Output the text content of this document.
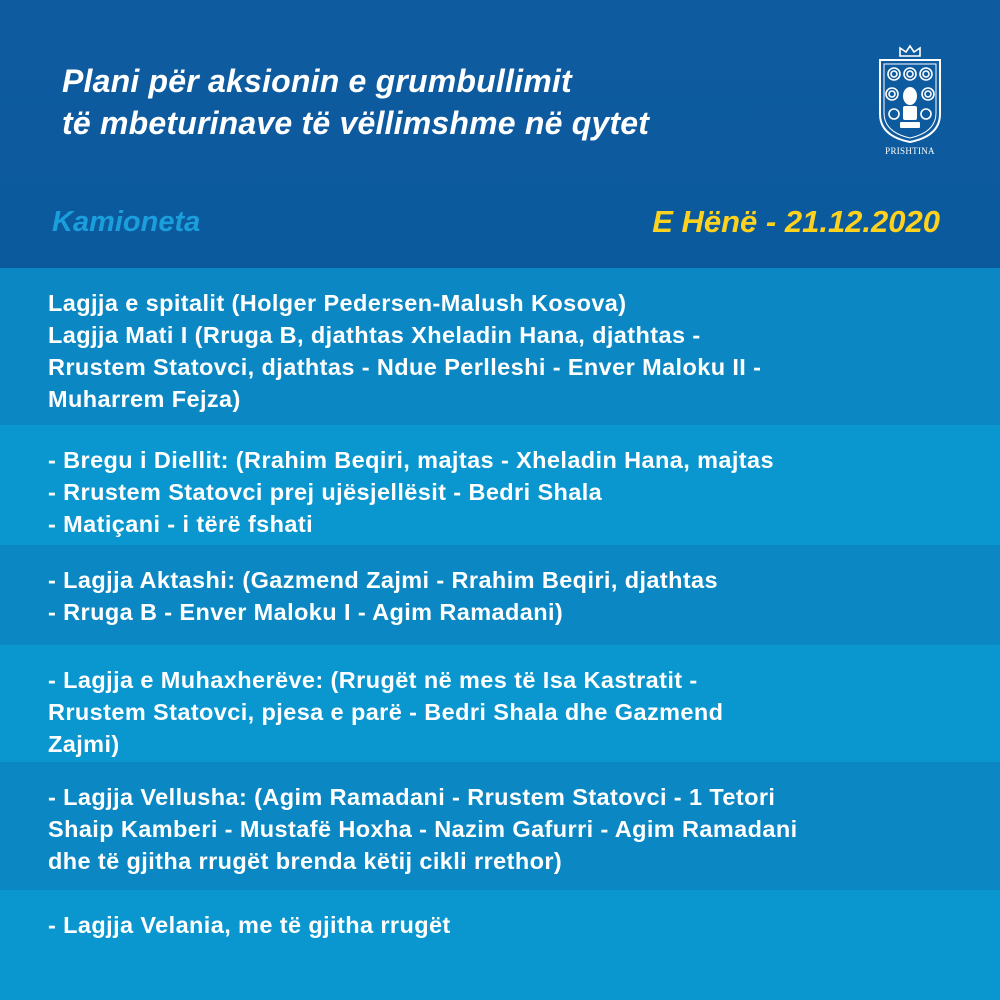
Plani për aksionin e grumbullimit
të mbeturinave të vëllimshme në qytet
PRISHTINA
Kamioneta	E Hënë - 21.12.2020
Lagjja e spitalit (Holger Pedersen-Malush Kosova)
Lagjja Mati I (Rruga B, djathtas Xheladin Hana, djathtas -
Rrustem Statovci, djathtas - Ndue Perlleshi - Enver Maloku II -
Muharrem Fejza)
- Bregu i Diellit: (Rrahim Beqiri, majtas - Xheladin Hana, majtas
- Rrustem Statovci prej ujësjellësit - Bedri Shala
- Matiçani - i tërë fshati
- Lagjja Aktashi: (Gazmend Zajmi - Rrahim Beqiri, djathtas
- Rruga B - Enver Maloku I - Agim Ramadani)
- Lagjja e Muhaxherëve: (Rrugët në mes të Isa Kastratit -
Rrustem Statovci, pjesa e parë - Bedri Shala dhe Gazmend
Zajmi)
- Lagjja Vellusha: (Agim Ramadani - Rrustem Statovci - 1 Tetori
Shaip Kamberi - Mustafë Hoxha - Nazim Gafurri - Agim Ramadani
dhe të gjitha rrugët brenda këtij cikli rrethor)
- Lagjja Velania, me të gjitha rrugët
